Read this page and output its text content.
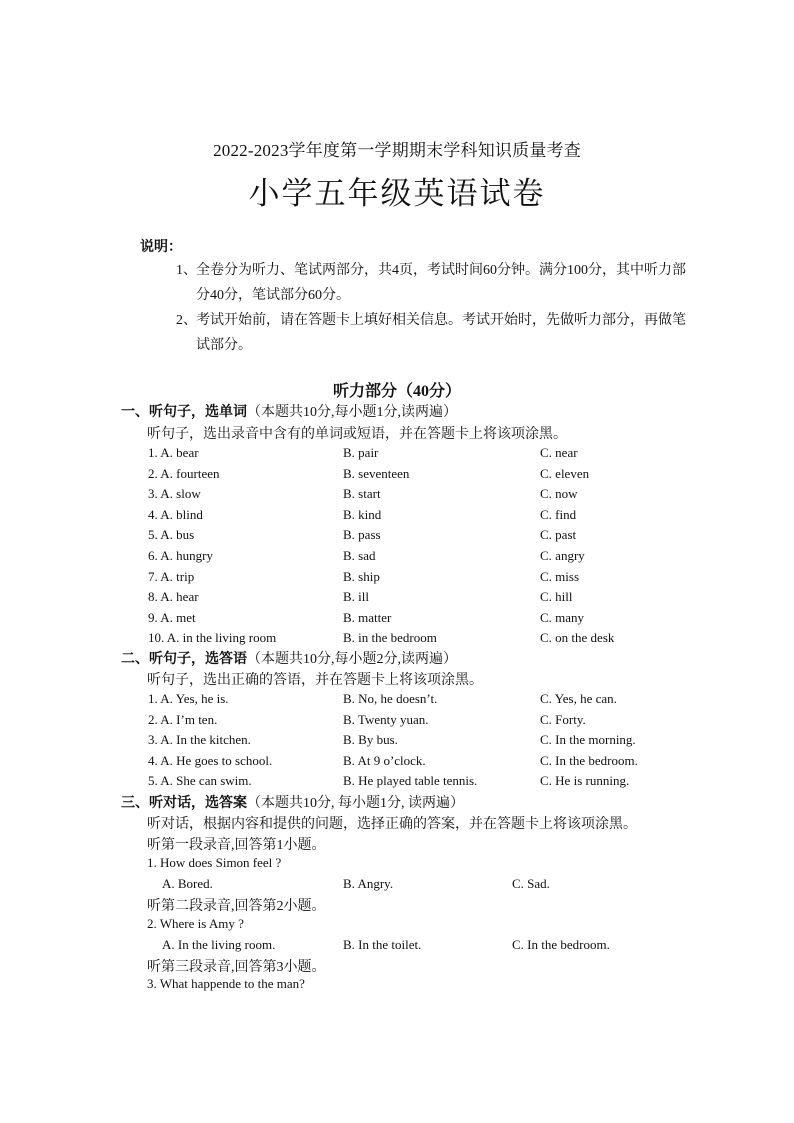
2022-2023学年度第一学期期末学科知识质量考查
小学五年级英语试卷
说明：
1、 全卷分为听力、笔试两部分，共4页，考试时间60分钟。满分100分，其中听力部分40分，笔试部分60分。
2、 考试开始前，请在答题卡上填好相关信息。考试开始时，先做听力部分，再做笔试部分。
听力部分（40分）
一、听句子，选单词（本题共10分,每小题1分,读两遍）
听句子，选出录音中含有的单词或短语，并在答题卡上将该项涂黑。
1. A. bear	B. pair	C. near
2. A. fourteen	B. seventeen	C. eleven
3. A. slow	B. start	C. now
4. A. blind	B. kind	C. find
5. A. bus	B. pass	C. past
6. A. hungry	B. sad	C. angry
7. A. trip	B. ship	C. miss
8. A. hear	B. ill	C. hill
9. A. met	B. matter	C. many
10. A. in the living room	B. in the bedroom	C. on the desk
二、听句子，选答语（本题共10分,每小题2分,读两遍）
听句子，选出正确的答语，并在答题卡上将该项涂黑。
1. A. Yes, he is.	B. No, he doesn’t.	C. Yes, he can.
2. A. I’m ten.	B. Twenty yuan.	C. Forty.
3. A. In the kitchen.	B. By bus.	C. In the morning.
4. A. He goes to school.	B. At 9 o’clock.	C. In the bedroom.
5. A. She can swim.	B. He played table tennis.	C. He is running.
三、听对话，选答案（本题共10分, 每小题1分, 读两遍）
听对话，根据内容和提供的问题，选择正确的答案，并在答题卡上将该项涂黑。
听第一段录音,回答第1小题。
1. How does Simon feel ?
A. Bored.	B. Angry.	C. Sad.
听第二段录音,回答第2小题。
2. Where is Amy ?
A. In the living room.	B. In the toilet.	C. In the bedroom.
听第三段录音,回答第3小题。
3. What happende to the man?
